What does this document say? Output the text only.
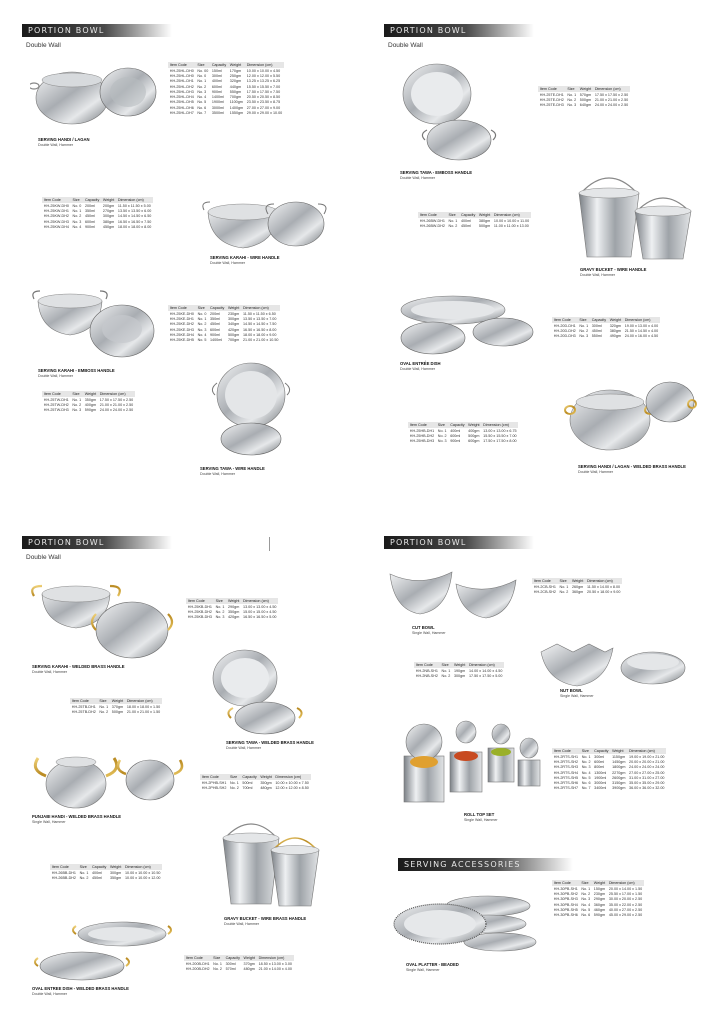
PORTION BOWL
Double Wall
SERVING HANDI / LAGAN
Double Wall, Hammer
Item Code	Size	Capacity	Weight	Dimension (cm)
HH-25HL-DH0	No. 00	150ml	170gm	10.00 x 10.00 x 4.50
HH-25HL-DH0	No. 0	300ml	250gm	12.00 x 12.00 x 5.50
HH-25HL-DH1	No. 1	400ml	320gm	13.25 x 13.25 x 6.25
HH-25HL-DH2	No. 2	600ml	440gm	15.50 x 15.50 x 7.00
HH-25HL-DH3	No. 3	900ml	550gm	17.50 x 17.50 x 7.50
HH-25HL-DH4	No. 4	1400ml	700gm	20.50 x 20.50 x 8.50
HH-25HL-DH5	No. 5	1900ml	1100gm	23.50 x 23.50 x 8.75
HH-25HL-DH6	No. 6	3000ml	1400gm	27.00 x 27.00 x 9.00
HH-25HL-DH7	No. 7	3500ml	1550gm	29.00 x 29.00 x 10.00
Item Code	Size	Capacity	Weight	Dimension (cm)
HH-25KW-DH0	No. 0	200ml	200gm	11.50 x 11.50 x 5.00
HH-25KW-DH1	No. 1	350ml	270gm	13.50 x 13.50 x 6.00
HH-25KW-DH2	No. 2	450ml	300gm	14.50 x 14.50 x 6.50
HH-25KW-DH3	No. 3	600ml	380gm	16.50 x 16.50 x 7.50
HH-25KW-DH4	No. 4	900ml	450gm	18.00 x 18.00 x 8.00
SERVING KARAHI - WIRE HANDLE
Double Wall, Hammer
SERVING KARAHI - EMBOSS HANDLE
Double Wall, Hammer
Item Code	Size	Capacity	Weight	Dimension (cm)
HH-25KE-DH0	No. 0	200ml	230gm	11.50 x 11.50 x 6.50
HH-25KE-DH1	No. 1	350ml	300gm	13.50 x 13.50 x 7.00
HH-25KE-DH2	No. 2	450ml	340gm	14.50 x 14.50 x 7.50
HH-25KE-DH3	No. 3	600ml	420gm	16.50 x 16.50 x 8.00
HH-25KE-DH4	No. 4	900ml	500gm	18.00 x 18.00 x 9.00
HH-25KE-DH5	No. 5	1400ml	700gm	21.00 x 21.00 x 10.50
Item Code	Size	Weight	Dimension (cm)
HH-25TW-DH1	No. 1	350gm	17.50 x 17.50 x 2.50
HH-25TW-DH2	No. 2	400gm	21.00 x 21.00 x 2.50
HH-25TW-DH3	No. 3	590gm	24.00 x 24.00 x 2.50
SERVING TAWA - WIRE HANDLE
Double Wall, Hammer
PORTION BOWL
Double Wall
SERVING TAWA - EMBOSS HANDLE
Double Wall, Hammer
Item Code	Size	Weight	Dimension (cm)
HH-25TE-DH1	No. 1	570gm	17.50 x 17.50 x 2.50
HH-25TE-DH2	No. 2	500gm	21.00 x 21.00 x 2.50
HH-25TE-DH3	No. 3	640gm	24.00 x 24.00 x 2.50
Item Code	Size	Capacity	Weight	Dimension (cm)
HH-26BW-DH1	No. 1	400ml	380gm	10.00 x 10.00 x 11.00
HH-26BW-DH2	No. 2	450ml	500gm	11.00 x 11.00 x 13.00
GRAVY BUCKET - WIRE HANDLE
Double Wall, Hammer
OVAL ENTRÉE DISH
Double Wall, Hammer
Item Code	Size	Capacity	Weight	Dimension (cm)
HH-20D-DH1	No. 1	300ml	320gm	19.00 x 13.00 x 4.00
HH-20D-DH2	No. 2	450ml	380gm	21.50 x 14.50 x 4.00
HH-20D-DH3	No. 3	550ml	490gm	24.00 x 16.00 x 4.50
Item Code	Size	Capacity	Weight	Dimension (cm)
HH-25HB-DH1	No. 1	400ml	400gm	13.00 x 13.00 x 6.75
HH-25HB-DH2	No. 2	600ml	500gm	15.50 x 15.50 x 7.00
HH-25HB-DH3	No. 3	900ml	600gm	17.50 x 17.50 x 8.00
SERVING HANDI / LAGAN - WELDED BRASS HANDLE
Double Wall, Hammer
PORTION BOWL
Double Wall
SERVING KARAHI - WELDED BRASS HANDLE
Double Wall, Hammer
Item Code	Size	Weight	Dimension (cm)
HH-25KB-DH1	No. 1	290gm	13.00 x 13.00 x 4.50
HH-25KB-DH2	No. 2	350gm	15.00 x 15.00 x 4.50
HH-25KB-DH3	No. 3	420gm	16.50 x 16.50 x 5.00
Item Code	Size	Weight	Dimension (cm)
HH-25TB-DH1	No. 1	370gm	18.00 x 18.00 x 1.50
HH-25TB-DH2	No. 2	500gm	21.00 x 21.00 x 1.50
SERVING TAWA - WELDED BRASS HANDLE
Double Wall, Hammer
PUNJABI HANDI - WELDED BRASS HANDLE
Single Wall, Hammer
Item Code	Size	Capacity	Weight	Dimension (cm)
HH-2PHB-SH1	No. 1	500ml	350gm	10.00 x 10.00 x 7.50
HH-2PHB-SH2	No. 2	700ml	480gm	12.00 x 12.00 x 8.50
Item Code	Size	Capacity	Weight	Dimension (cm)
HH-26BB-DH1	No. 1	400ml	300gm	10.00 x 10.00 x 10.50
HH-26BB-DH2	No. 2	450ml	350gm	10.00 x 10.00 x 12.00
GRAVY BUCKET - WIRE BRASS HANDLE
Double Wall, Hammer
OVAL ENTREE DISH - WELDED BRASS HANDLE
Double Wall, Hammer
Item Code	Size	Capacity	Weight	Dimension (cm)
HH-200B-DH1	No. 1	300ml	370gm	18.50 x 13.00 x 3.00
HH-200B-DH2	No. 2	570ml	480gm	21.00 x 14.00 x 4.00
PORTION BOWL
CUT BOWL
Single Wall, Hammer
Item Code	Size	Weight	Dimension (cm)
HH-2CB-SH1	No. 1	260gm	11.50 x 14.00 x 8.00
HH-2CB-SH2	No. 2	360gm	20.50 x 18.00 x 9.00
Item Code	Size	Weight	Dimension (cm)
HH-2NB-SH1	No. 1	190gm	14.00 x 14.00 x 4.50
HH-2NB-SH2	No. 2	300gm	17.50 x 17.50 x 5.00
NUT BOWL
Single Wall, Hammer
ROLL TOP SET
Single Wall, Hammer
Item Code	Size	Capacity	Weight	Dimension (cm)
HH-2RTS-SH1	No. 1	300ml	1150gm	19.00 x 19.00 x 21.00
HH-2RTS-SH2	No. 2	600ml	1450gm	20.00 x 20.00 x 21.00
HH-2RTS-SH3	No. 3	800ml	1800gm	24.00 x 24.00 x 24.00
HH-2RTS-SH4	No. 4	1300ml	2270gm	27.00 x 27.00 x 25.00
HH-2RTS-SH5	No. 5	1900ml	2600gm	31.00 x 31.00 x 27.00
HH-2RTS-SH6	No. 6	3000ml	3150gm	35.00 x 35.00 x 29.00
HH-2RTS-SH7	No. 7	3400ml	3900gm	36.00 x 36.00 x 32.00
SERVING ACCESSORIES
OVAL PLATTER - BEADED
Single Wall, Hammer
Item Code	Size	Weight	Dimension (cm)
HH-30PB-SH1	No. 1	150gm	20.00 x 14.00 x 1.50
HH-30PB-SH2	No. 2	230gm	25.50 x 17.00 x 1.50
HH-30PB-SH3	No. 3	290gm	30.00 x 20.00 x 2.50
HH-30PB-SH4	No. 4	360gm	35.00 x 22.00 x 2.50
HH-30PB-SH5	No. 5	460gm	40.00 x 27.00 x 2.50
HH-30PB-SH6	No. 6	590gm	45.00 x 29.00 x 2.50
